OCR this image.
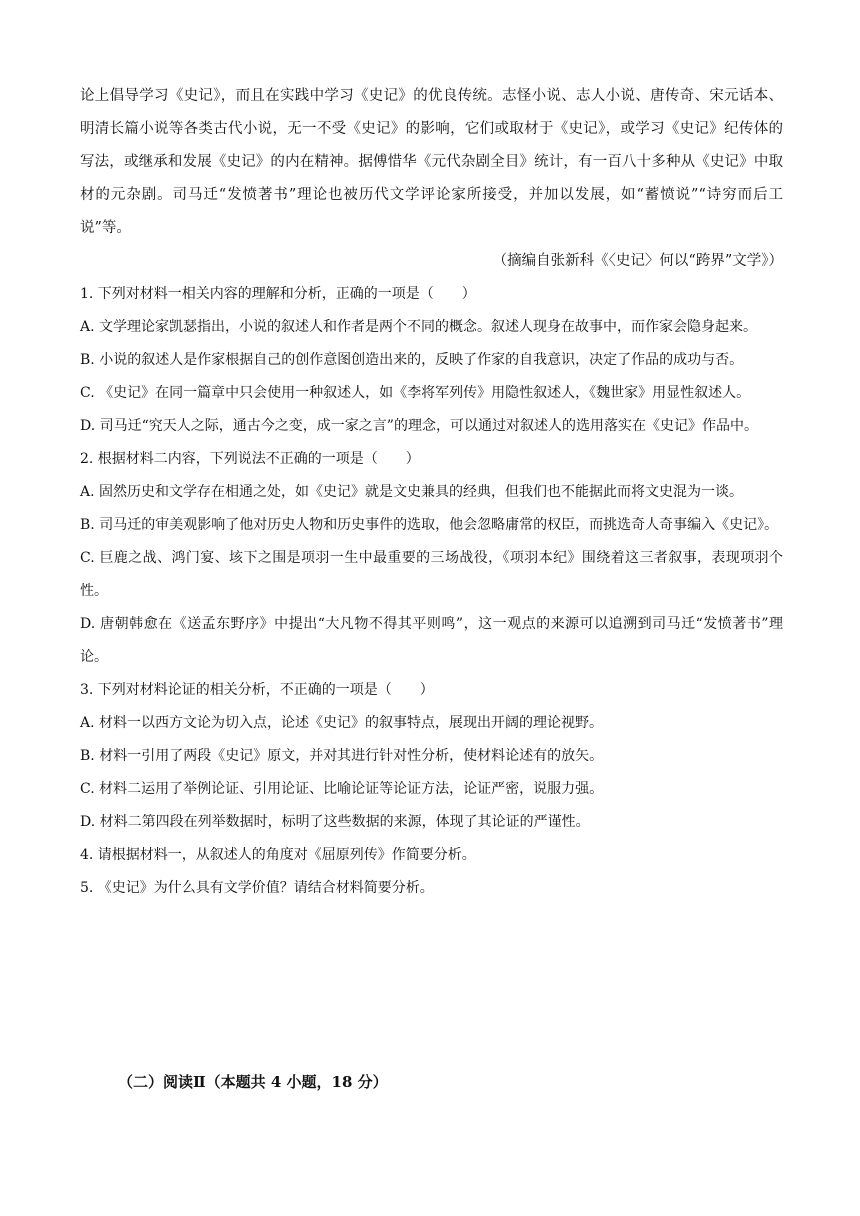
论上倡导学习《史记》，而且在实践中学习《史记》的优良传统。志怪小说、志人小说、唐传奇、宋元话本、明清长篇小说等各类古代小说，无一不受《史记》的影响，它们或取材于《史记》，或学习《史记》纪传体的写法，或继承和发展《史记》的内在精神。据傅惜华《元代杂剧全目》统计，有一百八十多种从《史记》中取材的元杂剧。司马迁“发愤著书”理论也被历代文学评论家所接受，并加以发展，如“蓄愤说”“诗穷而后工说”等。

（摘编自张新科《〈史记〉何以“跨界”文学》）

1. 下列对材料一相关内容的理解和分析，正确的一项是（　　）

A. 文学理论家凯瑟指出，小说的叙述人和作者是两个不同的概念。叙述人现身在故事中，而作家会隐身起来。

B. 小说的叙述人是作家根据自己的创作意图创造出来的，反映了作家的自我意识，决定了作品的成功与否。

C. 《史记》在同一篇章中只会使用一种叙述人，如《李将军列传》用隐性叙述人，《魏世家》用显性叙述人。

D. 司马迁“究天人之际，通古今之变，成一家之言”的理念，可以通过对叙述人的选用落实在《史记》作品中。

2. 根据材料二内容，下列说法不正确的一项是（　　）

A. 固然历史和文学存在相通之处，如《史记》就是文史兼具的经典，但我们也不能据此而将文史混为一谈。

B. 司马迁的审美观影响了他对历史人物和历史事件的选取，他会忽略庸常的权臣，而挑选奇人奇事编入《史记》。

C. 巨鹿之战、鸿门宴、垓下之围是项羽一生中最重要的三场战役，《项羽本纪》围绕着这三者叙事，表现项羽个性。

D. 唐朝韩愈在《送孟东野序》中提出“大凡物不得其平则鸣”，这一观点的来源可以追溯到司马迁“发愤著书”理论。

3. 下列对材料论证的相关分析，不正确的一项是（　　）

A. 材料一以西方文论为切入点，论述《史记》的叙事特点，展现出开阔的理论视野。

B. 材料一引用了两段《史记》原文，并对其进行针对性分析，使材料论述有的放矢。

C. 材料二运用了举例论证、引用论证、比喻论证等论证方法，论证严密，说服力强。

D. 材料二第四段在列举数据时，标明了这些数据的来源，体现了其论证的严谨性。

4. 请根据材料一，从叙述人的角度对《屈原列传》作简要分析。

5. 《史记》为什么具有文学价值？请结合材料简要分析。

（二）阅读Ⅱ（本题共 4 小题，18 分）
